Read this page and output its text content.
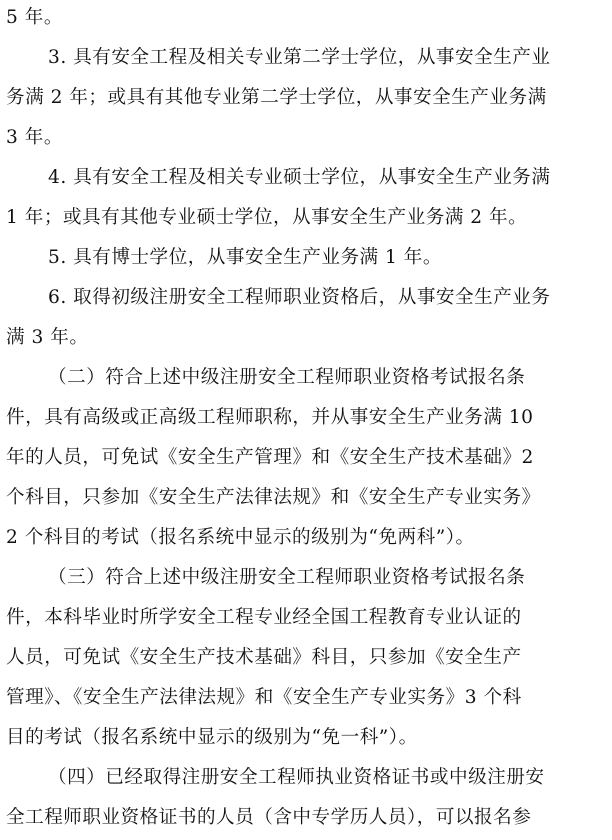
5 年。
3. 具有安全工程及相关专业第二学士学位，从事安全生产业
务满 2 年；或具有其他专业第二学士学位，从事安全生产业务满
3 年。
4. 具有安全工程及相关专业硕士学位，从事安全生产业务满
1 年；或具有其他专业硕士学位，从事安全生产业务满 2 年。
5. 具有博士学位，从事安全生产业务满 1 年。
6. 取得初级注册安全工程师职业资格后，从事安全生产业务
满 3 年。
（二）符合上述中级注册安全工程师职业资格考试报名条
件，具有高级或正高级工程师职称，并从事安全生产业务满 10
年的人员，可免试《安全生产管理》和《安全生产技术基础》2
个科目，只参加《安全生产法律法规》和《安全生产专业实务》
2 个科目的考试（报名系统中显示的级别为“免两科”）。
（三）符合上述中级注册安全工程师职业资格考试报名条
件，本科毕业时所学安全工程专业经全国工程教育专业认证的
人员，可免试《安全生产技术基础》科目，只参加《安全生产
管理》、《安全生产法律法规》和《安全生产专业实务》3 个科
目的考试（报名系统中显示的级别为“免一科”）。
（四）已经取得注册安全工程师执业资格证书或中级注册安
全工程师职业资格证书的人员（含中专学历人员），可以报名参
